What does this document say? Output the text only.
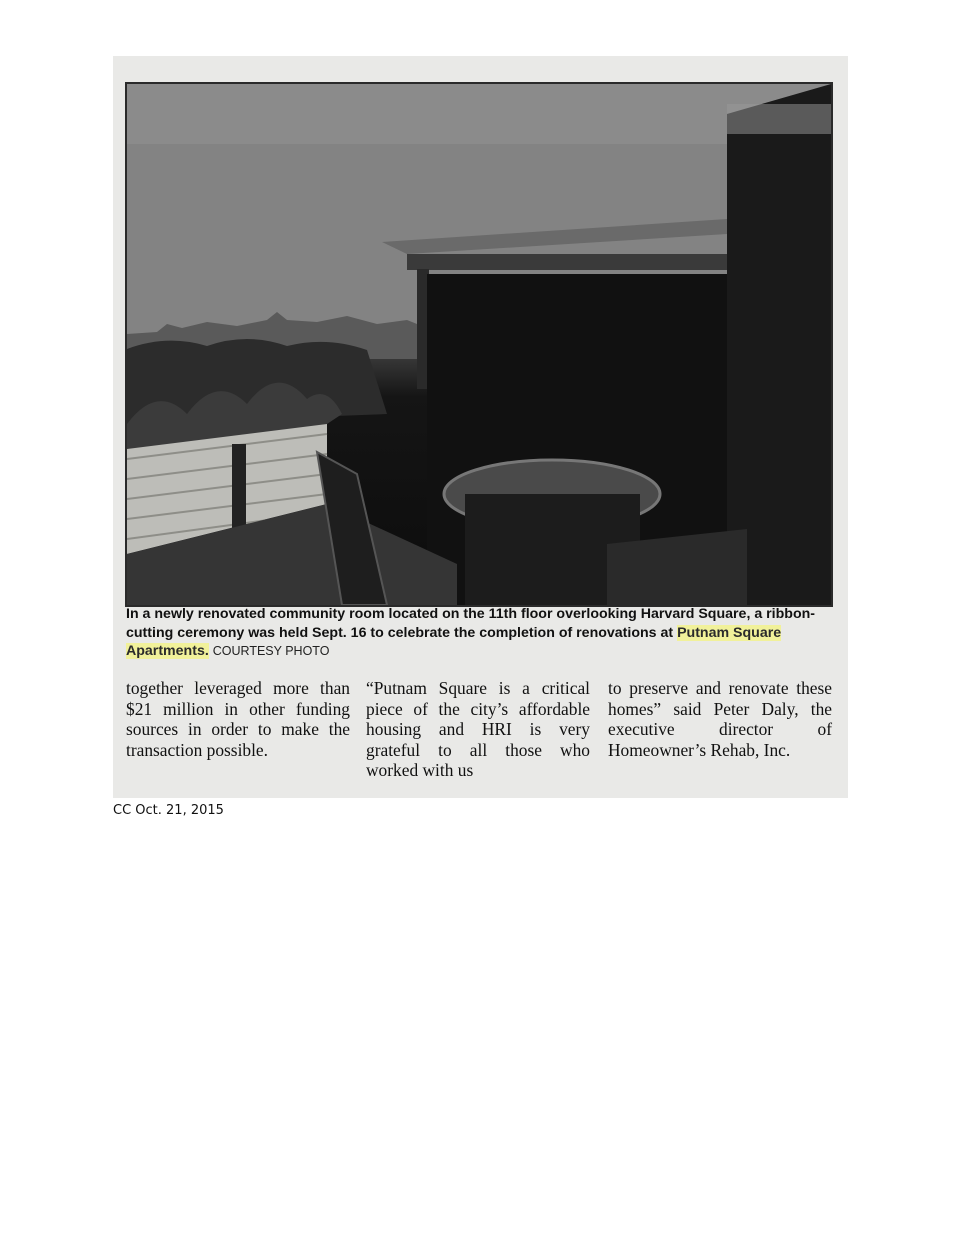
In a newly renovated community room located on the 11th floor overlooking Harvard Square, a ribbon-cutting ceremony was held Sept. 16 to celebrate the completion of renovations at Putnam Square Apartments. COURTESY PHOTO

together leveraged more than $21 million in other funding sources in order to make the transaction possible.

“Putnam Square is a critical piece of the city’s affordable housing and HRI is very grateful to all those who worked with us

to preserve and renovate these homes” said Peter Daly, the executive director of Homeowner’s Rehab, Inc.

CC Oct. 21, 2015
